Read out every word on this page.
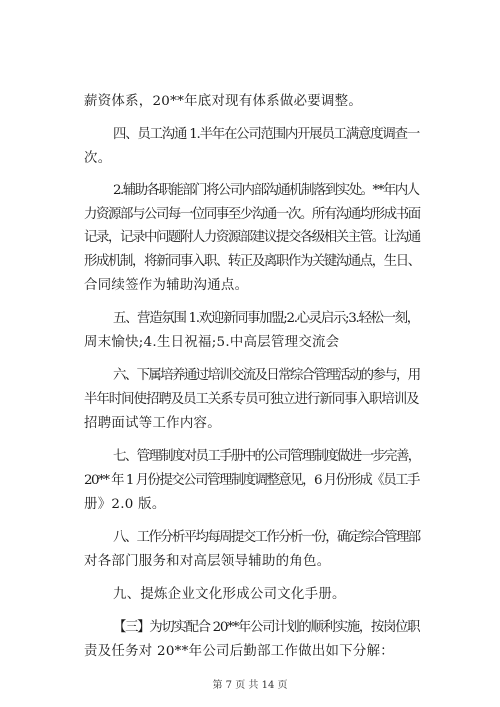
薪资体系，20**年底对现有体系做必要调整。
四、员工沟通 1.半年在公司范围内开展员工满意度调查一
次。
2.辅助各职能部门将公司内部沟通机制落到实处。**年内人
力资源部与公司每一位同事至少沟通一次。所有沟通均形成书面
记录，记录中问题附人力资源部建议提交各级相关主管。让沟通
形成机制，将新同事入职、转正及离职作为关键沟通点，生日、
合同续签作为辅助沟通点。
五、营造氛围 1.欢迎新同事加盟;2.心灵启示;3.轻松一刻，
周末愉快;4.生日祝福;5.中高层管理交流会
六、下属培养通过培训交流及日常综合管理活动的参与，用
半年时间使招聘及员工关系专员可独立进行新同事入职培训及
招聘面试等工作内容。
七、管理制度对员工手册中的公司管理制度做进一步完善，
20** 年 1 月份提交公司管理制度调整意见，6 月份形成《员工手
册》2.0 版。
八、工作分析平均每周提交工作分析一份，确定综合管理部
对各部门服务和对高层领导辅助的角色。
九、提炼企业文化形成公司文化手册。
【三】为切实配合 20**年公司计划的顺利实施，按岗位职
责及任务对 20**年公司后勤部工作做出如下分解：
第 7 页 共 14 页
